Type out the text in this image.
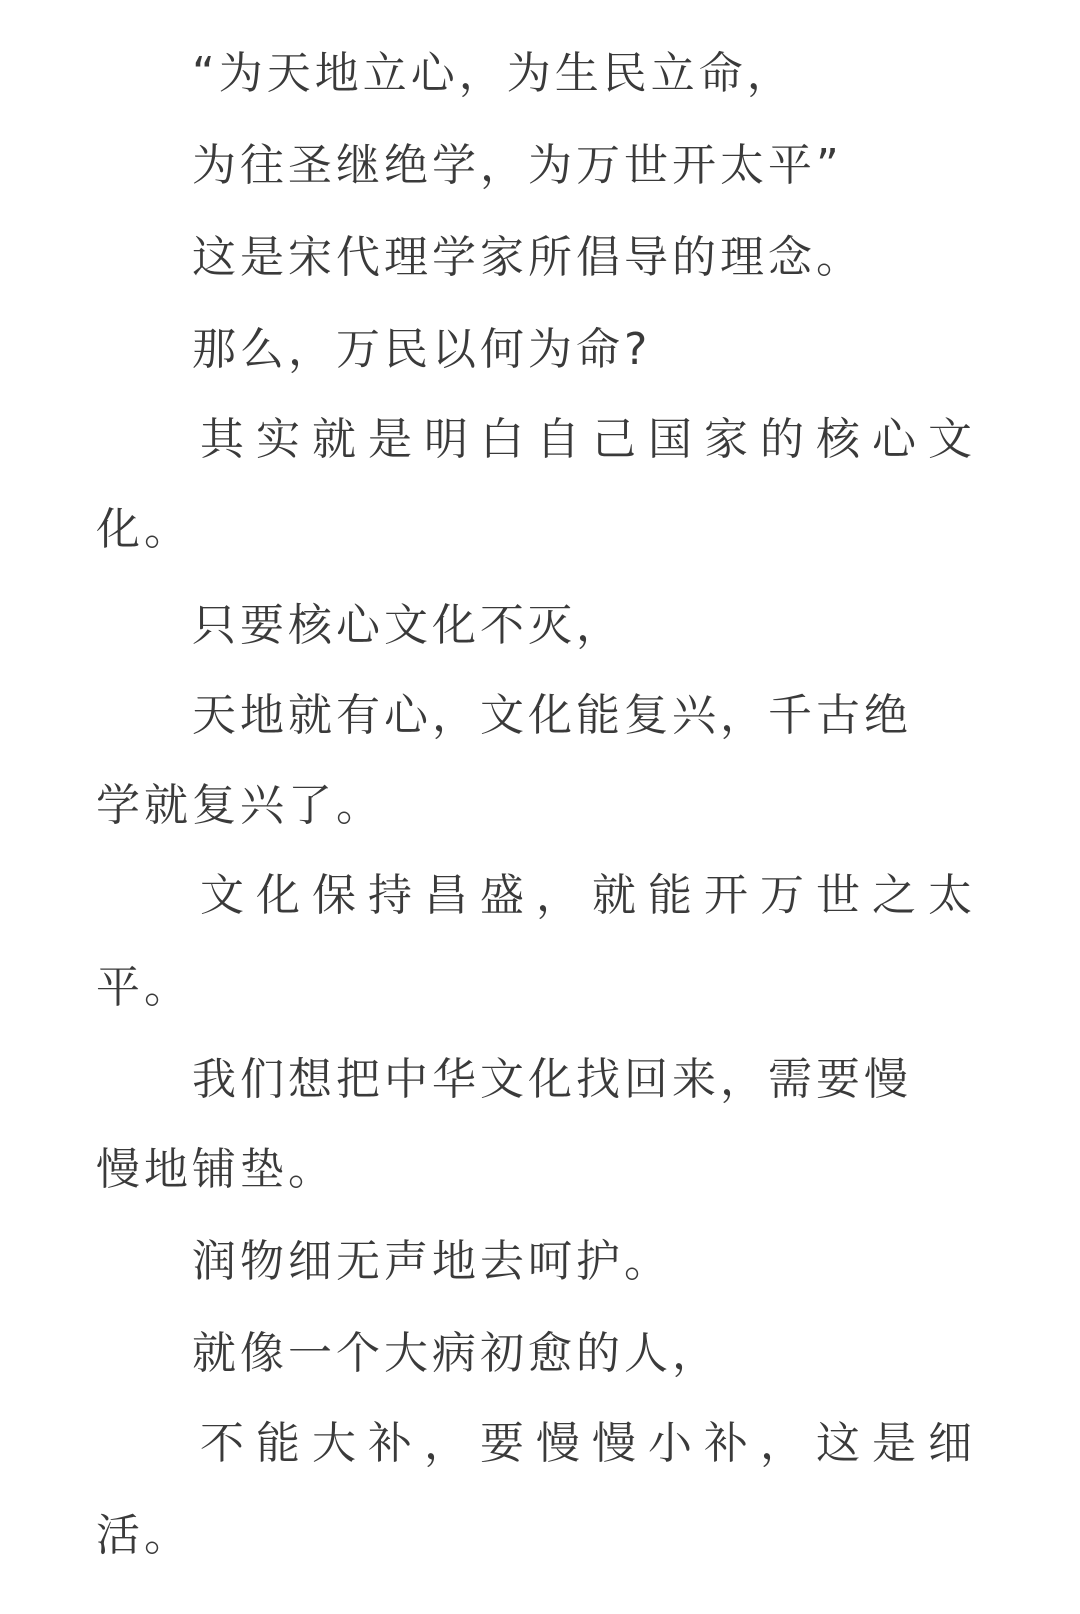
“为天地立心，为生民立命，
为往圣继绝学，为万世开太平”
这是宋代理学家所倡导的理念。
那么，万民以何为命?
其实就是明白自己国家的核心文
化。
只要核心文化不灭，
天地就有心，文化能复兴，千古绝
学就复兴了。
文化保持昌盛，就能开万世之太
平。
我们想把中华文化找回来，需要慢
慢地铺垫。
润物细无声地去呵护。
就像一个大病初愈的人，
不能大补，要慢慢小补，这是细
活。
